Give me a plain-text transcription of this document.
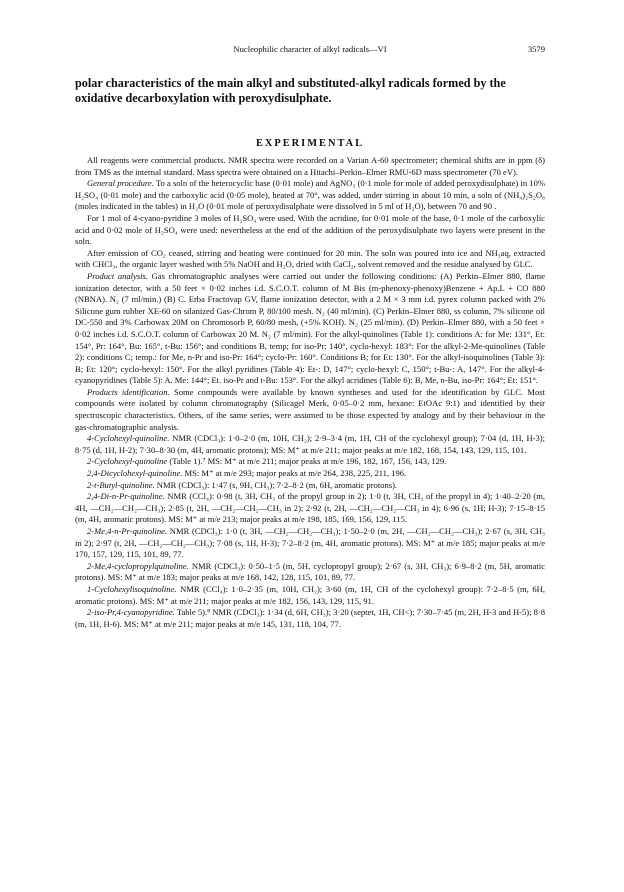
Nucleophilic character of alkyl radicals—VI	3579

polar characteristics of the main alkyl and substituted-alkyl radicals formed by the oxidative decarboxylation with peroxydisulphate.

EXPERIMENTAL

All reagents were commercial products. NMR spectra were recorded on a Varian A-60 spectrometer; chemical shifts are in ppm (δ) from TMS as the internal standard. Mass spectra were obtained on a Hitachi–Perkin–Elmer RMU-6D mass spectrometer (70 eV).

General procedure. To a soln of the heterocyclic base (0·01 mole) and AgNO₃ (0·1 mole for mole of added peroxydisulphate) in 10% H₂SO₄ (0·01 mole) and the carboxylic acid (0·05 mole), heated at 70°, was added, under stirring in about 10 min, a soln of (NH₄)₂S₂O₈ (moles indicated in the tables) in H₂O (0·01 mole of peroxydisulphate were dissolved in 5 ml of H₂O), between 70 and 90 .

For 1 mol of 4-cyano-pyridine 3 moles of H₂SO₄ were used. With the acridine, for 0·01 mole of the base, 0·1 mole of the carboxylic acid and 0·02 mole of H₂SO₄ were used: nevertheless at the end of the addition of the peroxydisulphate two layers were present in the soln.

After emission of CO₂ ceased, stirring and heating were continued for 20 min. The soln was poured into ice and NH₃aq, extracted with CHCl₃, the organic layer washed with 5% NaOH and H₂O, dried with CaCl₂, solvent removed and the residue analysed by GLC.

Product analysis. Gas chromatographic analyses were carried out under the following conditions: (A) Perkin–Elmer 880, flame ionization detector, with a 50 feet × 0·02 inches i.d. S.C.O.T. column of M Bis (m-phenoxy-phenoxy)Benzene + Ap.L + CO 880 (NBNA). N₂ (7 ml/min.) (B) C. Erba Fractovap GV, flame ionization detector, with a 2 M × 3 mm i.d. pyrex column packed with 2% Silicone gum rubber XE-60 on silanized Gas-Chrom P, 80/100 mesh. N₂ (40 ml/min). (C) Perkin–Elmer 880, ss column, 7% silicone oil DC-550 and 3% Carbowax 20M on Chromosorb P, 60/80 mesh, (+5% KOH). N₂ (25 ml/min). (D) Perkin–Elmer 880, with a 50 feet × 0·02 inches i.d. S.C.O.T. column of Carbowax 20 M. N₂ (7 ml/min). For the alkyl-quinolines (Table 1): conditions A: for Me: 131°, Et: 154°, Pr: 164°, Bu: 165°, t-Bu: 156°; and conditions B, temp; for iso-Pr: 140°, cyclo-hexyl: 183°: For the alkyl-2-Me-quinolines (Table 2): conditions C; temp.: for Me, n-Pr and iso-Pr: 164°; cyclo-Pr: 160°. Conditions B; for Et: 130°. For the alkyl-isoquinolines (Table 3): B; Et: 120°; cyclo-hexyl: 150°. For the alkyl pyridines (Table 4): Et-: D, 147°; cyclo-hexyl: C, 150°; t-Bu-: A, 147°. For the alkyl-4-cyanopyridines (Table 5): A. Me: 144°; Et. iso-Pr and t-Bu: 153°. For the alkyl acridines (Table 6): B, Me, n-Bu, iso-Pr: 164°; Et: 151°.

Products identification. Some compounds were available by known syntheses and used for the identification by GLC. Most compounds were isolated by column chromatography (Silicagel Merk, 0·05–0·2 mm, hexane: EtOAc 9:1) and identified by their spectroscopic characteristics. Others, of the same series, were assumed to be those expected by analogy and by their behaviour in the gas-chromatographic analysis.

4-Cyclohexyl-quinoline. NMR (CDCl₃): 1·0–2·0 (m, 10H, CH₂); 2·9–3·4 (m, 1H, CH of the cyclohexyl group); 7·04 (d, 1H, H-3); 8·75 (d, 1H, H-2); 7·30–8·30 (m, 4H, aromatic protons); MS: M⁺ at m/e 211; major peaks at m/e 182, 168, 154, 143, 129, 115, 101.

2-Cyclohexyl-quinoline (Table 1).⁷ MS: M⁺ at m/e 211; major peaks at m/e 196, 182, 167, 156, 143, 129.

2,4-Dicyclohexyl-quinoline. MS: M⁺ at m/e 293; major peaks at m/e 264, 238, 225, 211, 196.

2-t-Butyl-quinoline. NMR (CDCl₃): 1·47 (s, 9H, CH₃); 7·2–8·2 (m, 6H, aromatic protons).

2,4-Di-n-Pr-quinoline. NMR (CCl₄): 0·98 (t, 3H, CH₃ of the propyl group in 2); 1·0 (t, 3H, CH₃ of the propyl in 4); 1·40–2·20 (m, 4H, —CH₂—CH₂—CH₃); 2·85 (t, 2H, —CH₂—CH₂—CH₃ in 2); 2·92 (t, 2H, —CH₂—CH₂—CH₃ in 4); 6·96 (s, 1H; H-3); 7·15–8·15 (m, 4H, aromatic protons). MS: M⁺ at m/e 213; major peaks at m/e 198, 185, 169, 156, 129, 115.

2-Me,4-n-Pr-quinoline. NMR (CDCl₃): 1·0 (t, 3H, —CH₂—CH₂—CH₃); 1·50–2·0 (m, 2H, —CH₂—CH₂—CH₃); 2·67 (s, 3H, CH₃ in 2); 2·97 (t, 2H, —CH₂—CH₂—CH₃); 7·08 (s, 1H, H-3); 7·2–8·2 (m, 4H, aromatic protons). MS: M⁺ at m/e 185; major peaks at m/e 170, 157, 129, 115, 101, 89, 77.

2-Me,4-cyclopropylquinoline. NMR (CDCl₃): 0·50–1·5 (m, 5H, cyclopropyl group); 2·67 (s, 3H, CH₃); 6·9–8·2 (m, 5H, aromatic protons). MS: M⁺ at m/e 183; major peaks at m/e 168, 142, 128, 115, 101, 89, 77.

1-Cyclohexylisoquinoline. NMR (CCl₄): 1·0–2·35 (m, 10H, CH₂); 3·60 (m, 1H, CH of the cyclohexyl group): 7·2–8·5 (m, 6H, aromatic protons). MS: M⁺ at m/e 211; major peaks at m/e 182, 156, 143, 129, 115, 91.

2-iso-Pr,4-cyanopyridine. Table 5).⁸ NMR (CDCl₃): 1·34 (d, 6H, CH₃); 3·20 (septet, 1H, CH<); 7·30–7·45 (m, 2H, H-3 and H-5); 8·8 (m, 1H, H-6). MS: M⁺ at m/e 211; major peaks at m/e 145, 131, 118, 104, 77.
